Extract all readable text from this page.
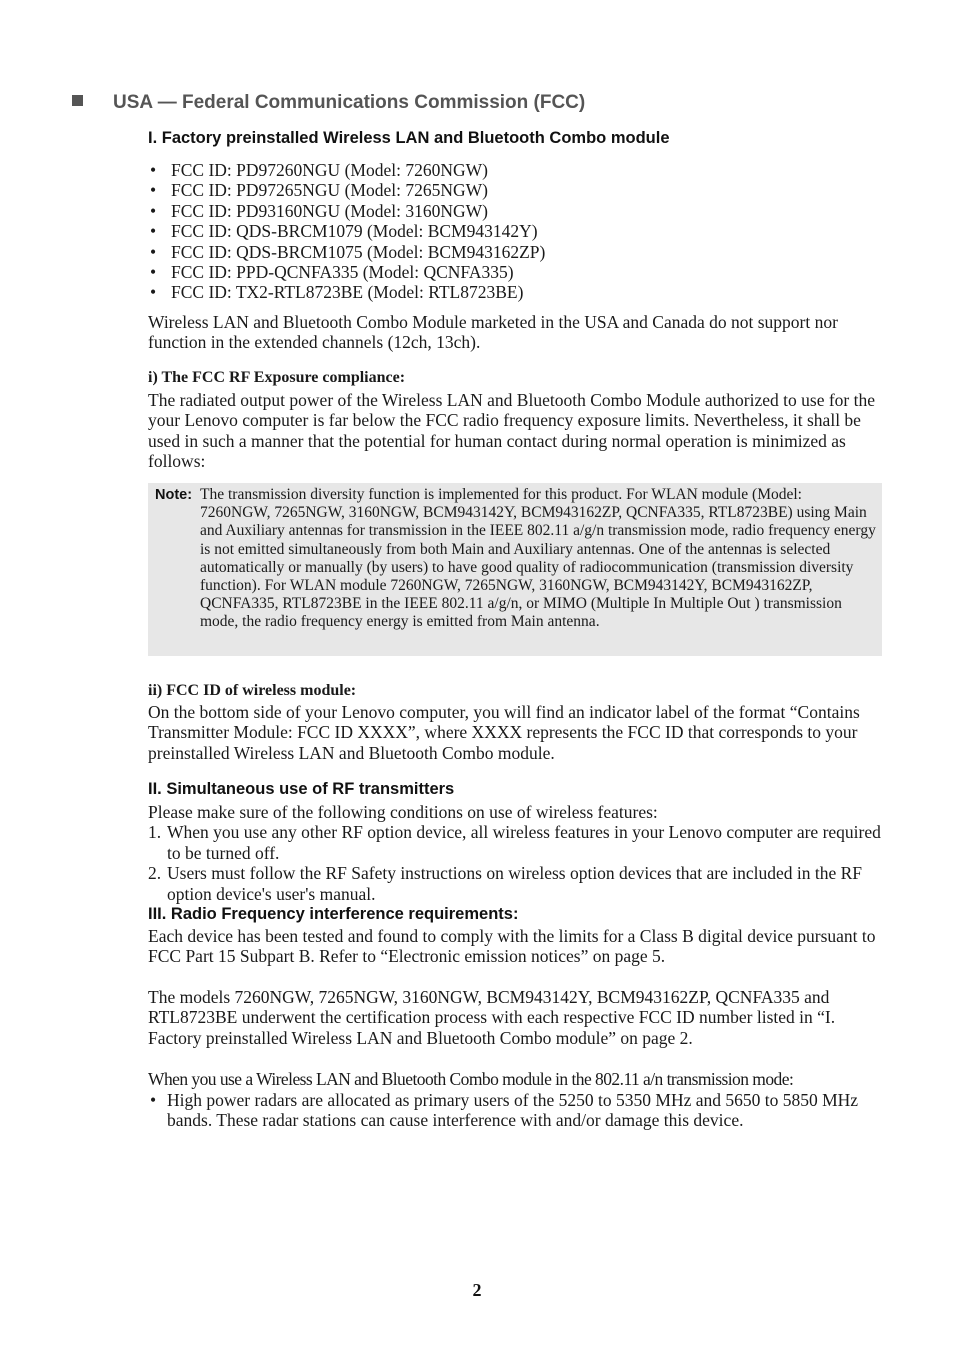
USA — Federal Communications Commission (FCC)
I. Factory preinstalled Wireless LAN and Bluetooth Combo module
• FCC ID: PD97260NGU (Model: 7260NGW)
• FCC ID: PD97265NGU (Model: 7265NGW)
• FCC ID: PD93160NGU (Model: 3160NGW)
• FCC ID: QDS-BRCM1079 (Model: BCM943142Y)
• FCC ID: QDS-BRCM1075 (Model: BCM943162ZP)
• FCC ID: PPD-QCNFA335 (Model: QCNFA335)
• FCC ID: TX2-RTL8723BE (Model: RTL8723BE)
Wireless LAN and Bluetooth Combo Module marketed in the USA and Canada do not support nor function in the extended channels (12ch, 13ch).
i) The FCC RF Exposure compliance:
The radiated output power of the Wireless LAN and Bluetooth Combo Module authorized to use for the your Lenovo computer is far below the FCC radio frequency exposure limits. Nevertheless, it shall be used in such a manner that the potential for human contact during normal operation is minimized as follows:
Note: The transmission diversity function is implemented for this product. For WLAN module (Model: 7260NGW, 7265NGW, 3160NGW, BCM943142Y, BCM943162ZP, QCNFA335, RTL8723BE) using Main and Auxiliary antennas for transmission in the IEEE 802.11 a/g/n transmission mode, radio frequency energy is not emitted simultaneously from both Main and Auxiliary antennas. One of the antennas is selected automatically or manually (by users) to have good quality of radiocommunication (transmission diversity function). For WLAN module 7260NGW, 7265NGW, 3160NGW, BCM943142Y, BCM943162ZP, QCNFA335, RTL8723BE in the IEEE 802.11 a/g/n, or MIMO (Multiple In Multiple Out ) transmission mode, the radio frequency energy is emitted from Main antenna.
ii) FCC ID of wireless module:
On the bottom side of your Lenovo computer, you will find an indicator label of the format “Contains Transmitter Module: FCC ID XXXX”, where XXXX represents the FCC ID that corresponds to your preinstalled Wireless LAN and Bluetooth Combo module.
II. Simultaneous use of RF transmitters
Please make sure of the following conditions on use of wireless features:
1. When you use any other RF option device, all wireless features in your Lenovo computer are required to be turned off.
2. Users must follow the RF Safety instructions on wireless option devices that are included in the RF option device's user's manual.
III. Radio Frequency interference requirements:
Each device has been tested and found to comply with the limits for a Class B digital device pursuant to FCC Part 15 Subpart B. Refer to “Electronic emission notices” on page 5.
The models 7260NGW, 7265NGW, 3160NGW, BCM943142Y, BCM943162ZP, QCNFA335 and RTL8723BE underwent the certification process with each respective FCC ID number listed in “I. Factory preinstalled Wireless LAN and Bluetooth Combo module” on page 2.
When you use a Wireless LAN and Bluetooth Combo module in the 802.11 a/n transmission mode:
• High power radars are allocated as primary users of the 5250 to 5350 MHz and 5650 to 5850 MHz bands. These radar stations can cause interference with and/or damage this device.
2
